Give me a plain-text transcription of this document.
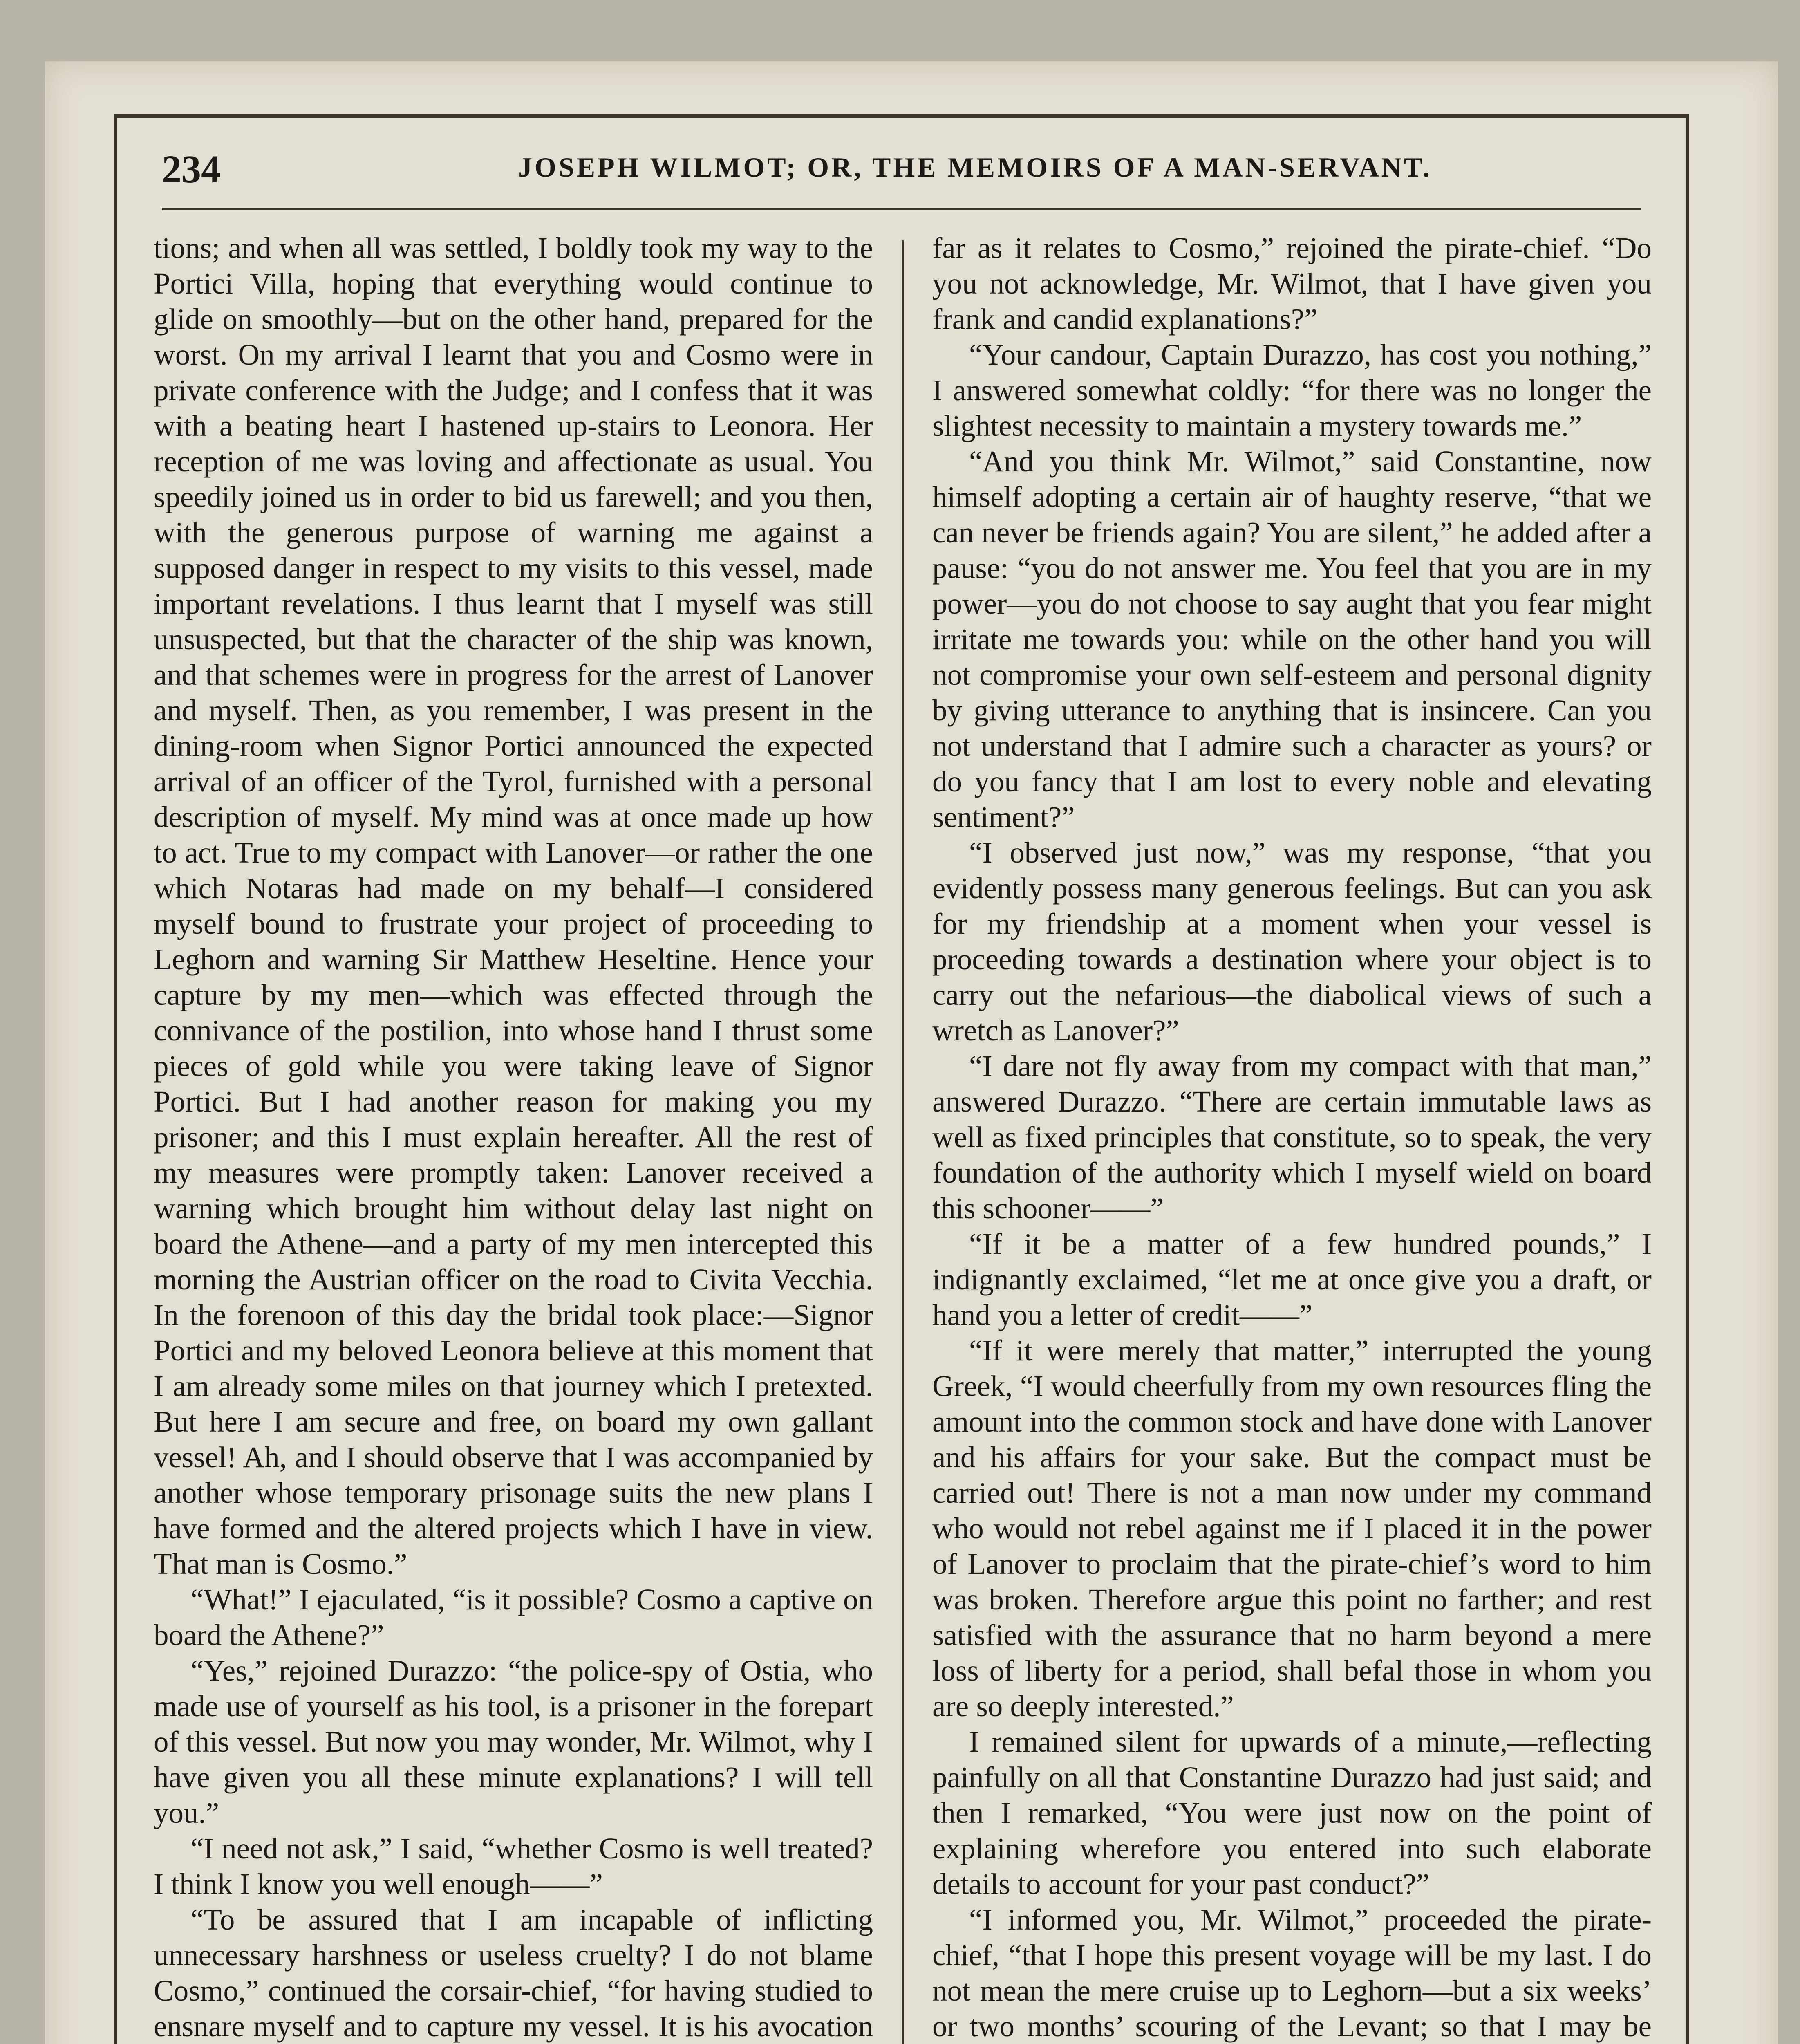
234	JOSEPH WILMOT; OR, THE MEMOIRS OF A MAN-SERVANT.

tions; and when all was settled, I boldly took my way to the Portici Villa, hoping that everything would continue to glide on smoothly—but on the other hand, prepared for the worst. On my arrival I learnt that you and Cosmo were in private conference with the Judge; and I confess that it was with a beating heart I hastened up-stairs to Leonora. Her reception of me was loving and affectionate as usual. You speedily joined us in order to bid us farewell; and you then, with the generous purpose of warning me against a supposed danger in respect to my visits to this vessel, made important revelations. I thus learnt that I myself was still unsuspected, but that the character of the ship was known, and that schemes were in progress for the arrest of Lanover and myself. Then, as you remember, I was present in the dining-room when Signor Portici announced the expected arrival of an officer of the Tyrol, furnished with a personal description of myself. My mind was at once made up how to act. True to my compact with Lanover—or rather the one which Notaras had made on my behalf—I considered myself bound to frustrate your project of proceeding to Leghorn and warning Sir Matthew Heseltine. Hence your capture by my men—which was effected through the connivance of the postilion, into whose hand I thrust some pieces of gold while you were taking leave of Signor Portici. But I had another reason for making you my prisoner; and this I must explain hereafter. All the rest of my measures were promptly taken: Lanover received a warning which brought him without delay last night on board the Athene—and a party of my men intercepted this morning the Austrian officer on the road to Civita Vecchia. In the forenoon of this day the bridal took place:—Signor Portici and my beloved Leonora believe at this moment that I am already some miles on that journey which I pretexted. But here I am secure and free, on board my own gallant vessel! Ah, and I should observe that I was accompanied by another whose temporary prisonage suits the new plans I have formed and the altered projects which I have in view. That man is Cosmo.”

“What!” I ejaculated, “is it possible? Cosmo a captive on board the Athene?”

“Yes,” rejoined Durazzo: “the police-spy of Ostia, who made use of yourself as his tool, is a prisoner in the forepart of this vessel. But now you may wonder, Mr. Wilmot, why I have given you all these minute explanations? I will tell you.”

“I need not ask,” I said, “whether Cosmo is well treated? I think I know you well enough——”

“To be assured that I am incapable of inflicting unnecessary harshness or useless cruelty? I do not blame Cosmo,” continued the corsair-chief, “for having studied to ensnare myself and to capture my vessel. It is his avocation

far as it relates to Cosmo,” rejoined the pirate-chief. “Do you not acknowledge, Mr. Wilmot, that I have given you frank and candid explanations?”

“Your candour, Captain Durazzo, has cost you nothing,” I answered somewhat coldly: “for there was no longer the slightest necessity to maintain a mystery towards me.”

“And you think Mr. Wilmot,” said Constantine, now himself adopting a certain air of haughty reserve, “that we can never be friends again? You are silent,” he added after a pause: “you do not answer me. You feel that you are in my power—you do not choose to say aught that you fear might irritate me towards you: while on the other hand you will not compromise your own self-esteem and personal dignity by giving utterance to anything that is insincere. Can you not understand that I admire such a character as yours? or do you fancy that I am lost to every noble and elevating sentiment?”

“I observed just now,” was my response, “that you evidently possess many generous feelings. But can you ask for my friendship at a moment when your vessel is proceeding towards a destination where your object is to carry out the nefarious—the diabolical views of such a wretch as Lanover?”

“I dare not fly away from my compact with that man,” answered Durazzo. “There are certain immutable laws as well as fixed principles that constitute, so to speak, the very foundation of the authority which I myself wield on board this schooner——”

“If it be a matter of a few hundred pounds,” I indignantly exclaimed, “let me at once give you a draft, or hand you a letter of credit——”

“If it were merely that matter,” interrupted the young Greek, “I would cheerfully from my own resources fling the amount into the common stock and have done with Lanover and his affairs for your sake. But the compact must be carried out! There is not a man now under my command who would not rebel against me if I placed it in the power of Lanover to proclaim that the pirate-chief’s word to him was broken. Therefore argue this point no farther; and rest satisfied with the assurance that no harm beyond a mere loss of liberty for a period, shall befal those in whom you are so deeply interested.”

I remained silent for upwards of a minute,—reflecting painfully on all that Constantine Durazzo had just said; and then I remarked, “You were just now on the point of explaining wherefore you entered into such elaborate details to account for your past conduct?”

“I informed you, Mr. Wilmot,” proceeded the pirate-chief, “that I hope this present voyage will be my last. I do not mean the mere cruise up to Leghorn—but a six weeks’ or two months’ scouring of the Levant; so that I may be
